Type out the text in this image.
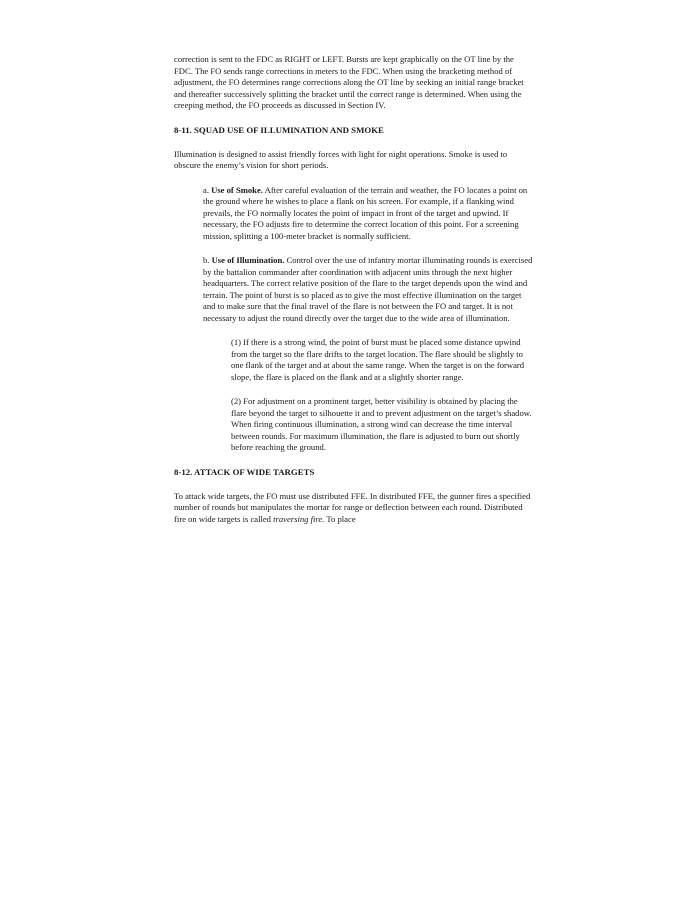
correction is sent to the FDC as RIGHT or LEFT. Bursts are kept graphically on the OT line by the FDC. The FO sends range corrections in meters to the FDC. When using the bracketing method of adjustment, the FO determines range corrections along the OT line by seeking an initial range bracket and thereafter successively splitting the bracket until the correct range is determined. When using the creeping method, the FO proceeds as discussed in Section IV.

8-11. SQUAD USE OF ILLUMINATION AND SMOKE

Illumination is designed to assist friendly forces with light for night operations. Smoke is used to obscure the enemy’s vision for short periods.

a. Use of Smoke. After careful evaluation of the terrain and weather, the FO locates a point on the ground where he wishes to place a flank on his screen. For example, if a flanking wind prevails, the FO normally locates the point of impact in front of the target and upwind. If necessary, the FO adjusts fire to determine the correct location of this point. For a screening mission, splitting a 100-meter bracket is normally sufficient.

b. Use of Illumination. Control over the use of infantry mortar illuminating rounds is exercised by the battalion commander after coordination with adjacent units through the next higher headquarters. The correct relative position of the flare to the target depends upon the wind and terrain. The point of burst is so placed as to give the most effective illumination on the target and to make sure that the final travel of the flare is not between the FO and target. It is not necessary to adjust the round directly over the target due to the wide area of illumination.

(1) If there is a strong wind, the point of burst must be placed some distance upwind from the target so the flare drifts to the target location. The flare should be slightly to one flank of the target and at about the same range. When the target is on the forward slope, the flare is placed on the flank and at a slightly shorter range.

(2) For adjustment on a prominent target, better visibility is obtained by placing the flare beyond the target to silhouette it and to prevent adjustment on the target’s shadow. When firing continuous illumination, a strong wind can decrease the time interval between rounds. For maximum illumination, the flare is adjusted to burn out shortly before reaching the ground.

8-12. ATTACK OF WIDE TARGETS

To attack wide targets, the FO must use distributed FFE. In distributed FFE, the gunner fires a specified number of rounds but manipulates the mortar for range or deflection between each round. Distributed fire on wide targets is called traversing fire. To place
